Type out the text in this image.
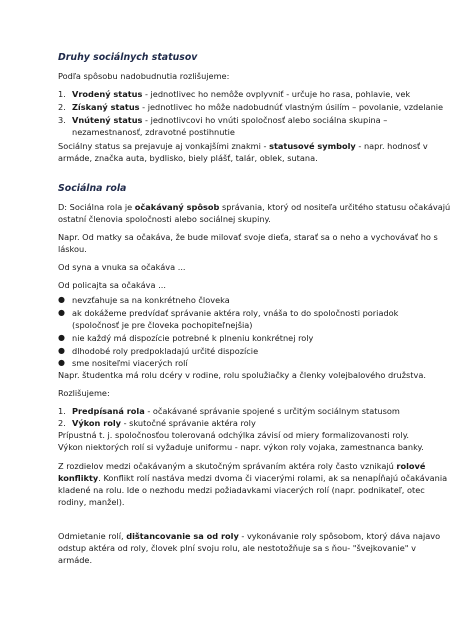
Druhy sociálnych statusov
Podľa spôsobu nadobudnutia rozlišujeme:
1. Vrodený status - jednotlivec ho nemôže ovplyvniť - určuje ho rasa, pohlavie, vek
2. Získaný status - jednotlivec ho môže nadobudnúť vlastným úsilím – povolanie, vzdelanie
3. Vnútený status - jednotlivcovi ho vnúti spoločnosť alebo sociálna skupina –
nezamestnanosť, zdravotné postihnutie
Sociálny status sa prejavuje aj vonkajšími znakmi - statusové symboly - napr. hodnosť v
armáde, značka auta, bydlisko, biely plášť, talár, oblek, sutana.
Sociálna rola
D: Sociálna rola je očakávaný spôsob správania, ktorý od nositeľa určitého statusu očakávajú
ostatní členovia spoločnosti alebo sociálnej skupiny.
Napr. Od matky sa očakáva, že bude milovať svoje dieťa, starať sa o neho a vychovávať ho s
láskou.
Od syna a vnuka sa očakáva ...
Od policajta sa očakáva ...
● nevzťahuje sa na konkrétneho človeka
● ak dokážeme predvídať správanie aktéra roly, vnáša to do spoločnosti poriadok
(spoločnosť je pre človeka pochopiteľnejšia)
● nie každý má dispozície potrebné k plneniu konkrétnej roly
● dlhodobé roly predpokladajú určité dispozície
● sme nositeľmi viacerých rolí
Napr. študentka má rolu dcéry v rodine, rolu spolužiačky a členky volejbalového družstva.
Rozlišujeme:
1. Predpísaná rola - očakávané správanie spojené s určitým sociálnym statusom
2. Výkon roly - skutočné správanie aktéra roly
Prípustná t. j. spoločnosťou tolerovaná odchýlka závisí od miery formalizovanosti roly.
Výkon niektorých rolí si vyžaduje uniformu - napr. výkon roly vojaka, zamestnanca banky.
Z rozdielov medzi očakávaným a skutočným správaním aktéra roly často vznikajú rolové
konflikty. Konflikt rolí nastáva medzi dvoma či viacerými rolami, ak sa nenapĺňajú očakávania
kladené na rolu. Ide o nezhodu medzi požiadavkami viacerých rolí (napr. podnikateľ, otec
rodiny, manžel).
Odmietanie rolí, dištancovanie sa od roly - vykonávanie roly spôsobom, ktorý dáva najavo
odstup aktéra od roly, človek plní svoju rolu, ale nestotožňuje sa s ňou- "švejkovanie" v
armáde.
